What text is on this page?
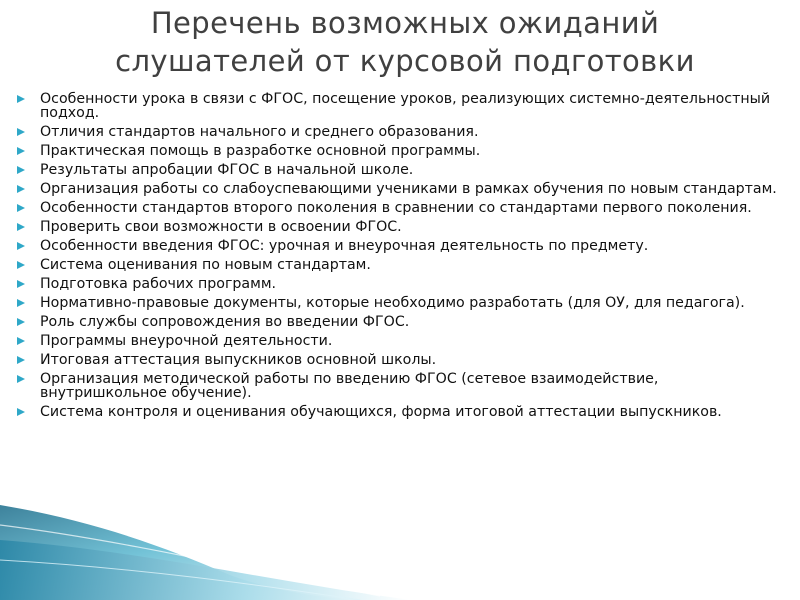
Перечень возможных ожиданий
слушателей от курсовой подготовки
Особенности урока в связи с ФГОС, посещение уроков, реализующих системно-деятельностный подход.
Отличия стандартов начального и среднего образования.
Практическая помощь в разработке основной программы.
Результаты апробации ФГОС в начальной школе.
Организация работы со слабоуспевающими учениками в рамках обучения по новым стандартам.
Особенности стандартов второго поколения в сравнении со стандартами первого поколения.
Проверить свои возможности в освоении ФГОС.
Особенности введения ФГОС: урочная и внеурочная деятельность по предмету.
Система оценивания по новым стандартам.
Подготовка рабочих программ.
Нормативно-правовые документы, которые необходимо разработать (для ОУ, для педагога).
Роль службы сопровождения во введении ФГОС.
Программы внеурочной деятельности.
Итоговая аттестация выпускников основной школы.
Организация методической работы по введению ФГОС (сетевое взаимодействие, внутришкольное обучение).
Система контроля и оценивания обучающихся, форма итоговой аттестации выпускников.
